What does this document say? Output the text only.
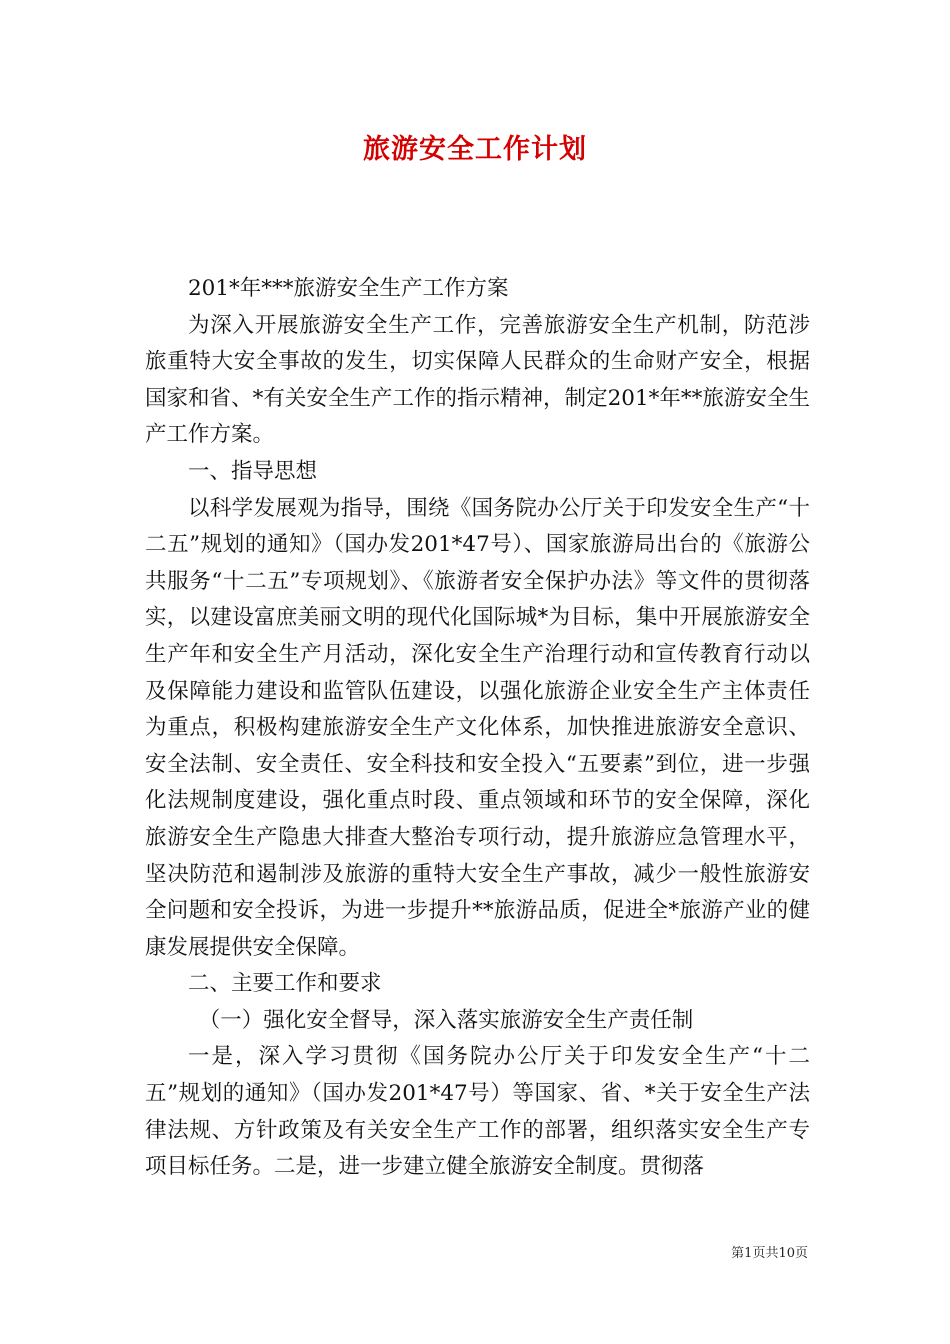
旅游安全工作计划

201*年***旅游安全生产工作方案

为深入开展旅游安全生产工作，完善旅游安全生产机制，防范涉旅重特大安全事故的发生，切实保障人民群众的生命财产安全，根据国家和省、*有关安全生产工作的指示精神，制定201*年**旅游安全生产工作方案。

一、指导思想

以科学发展观为指导，围绕《国务院办公厅关于印发安全生产“十二五”规划的通知》（国办发201*47号）、国家旅游局出台的《旅游公共服务“十二五”专项规划》、《旅游者安全保护办法》等文件的贯彻落实，以建设富庶美丽文明的现代化国际城*为目标，集中开展旅游安全生产年和安全生产月活动，深化安全生产治理行动和宣传教育行动以及保障能力建设和监管队伍建设，以强化旅游企业安全生产主体责任为重点，积极构建旅游安全生产文化体系，加快推进旅游安全意识、安全法制、安全责任、安全科技和安全投入“五要素”到位，进一步强化法规制度建设，强化重点时段、重点领域和环节的安全保障，深化旅游安全生产隐患大排查大整治专项行动，提升旅游应急管理水平，坚决防范和遏制涉及旅游的重特大安全生产事故，减少一般性旅游安全问题和安全投诉，为进一步提升**旅游品质，促进全*旅游产业的健康发展提供安全保障。

二、主要工作和要求

（一）强化安全督导，深入落实旅游安全生产责任制

一是，深入学习贯彻《国务院办公厅关于印发安全生产“十二五”规划的通知》（国办发201*47号）等国家、省、*关于安全生产法律法规、方针政策及有关安全生产工作的部署，组织落实安全生产专项目标任务。二是，进一步建立健全旅游安全制度。贯彻落

第1页共10页
